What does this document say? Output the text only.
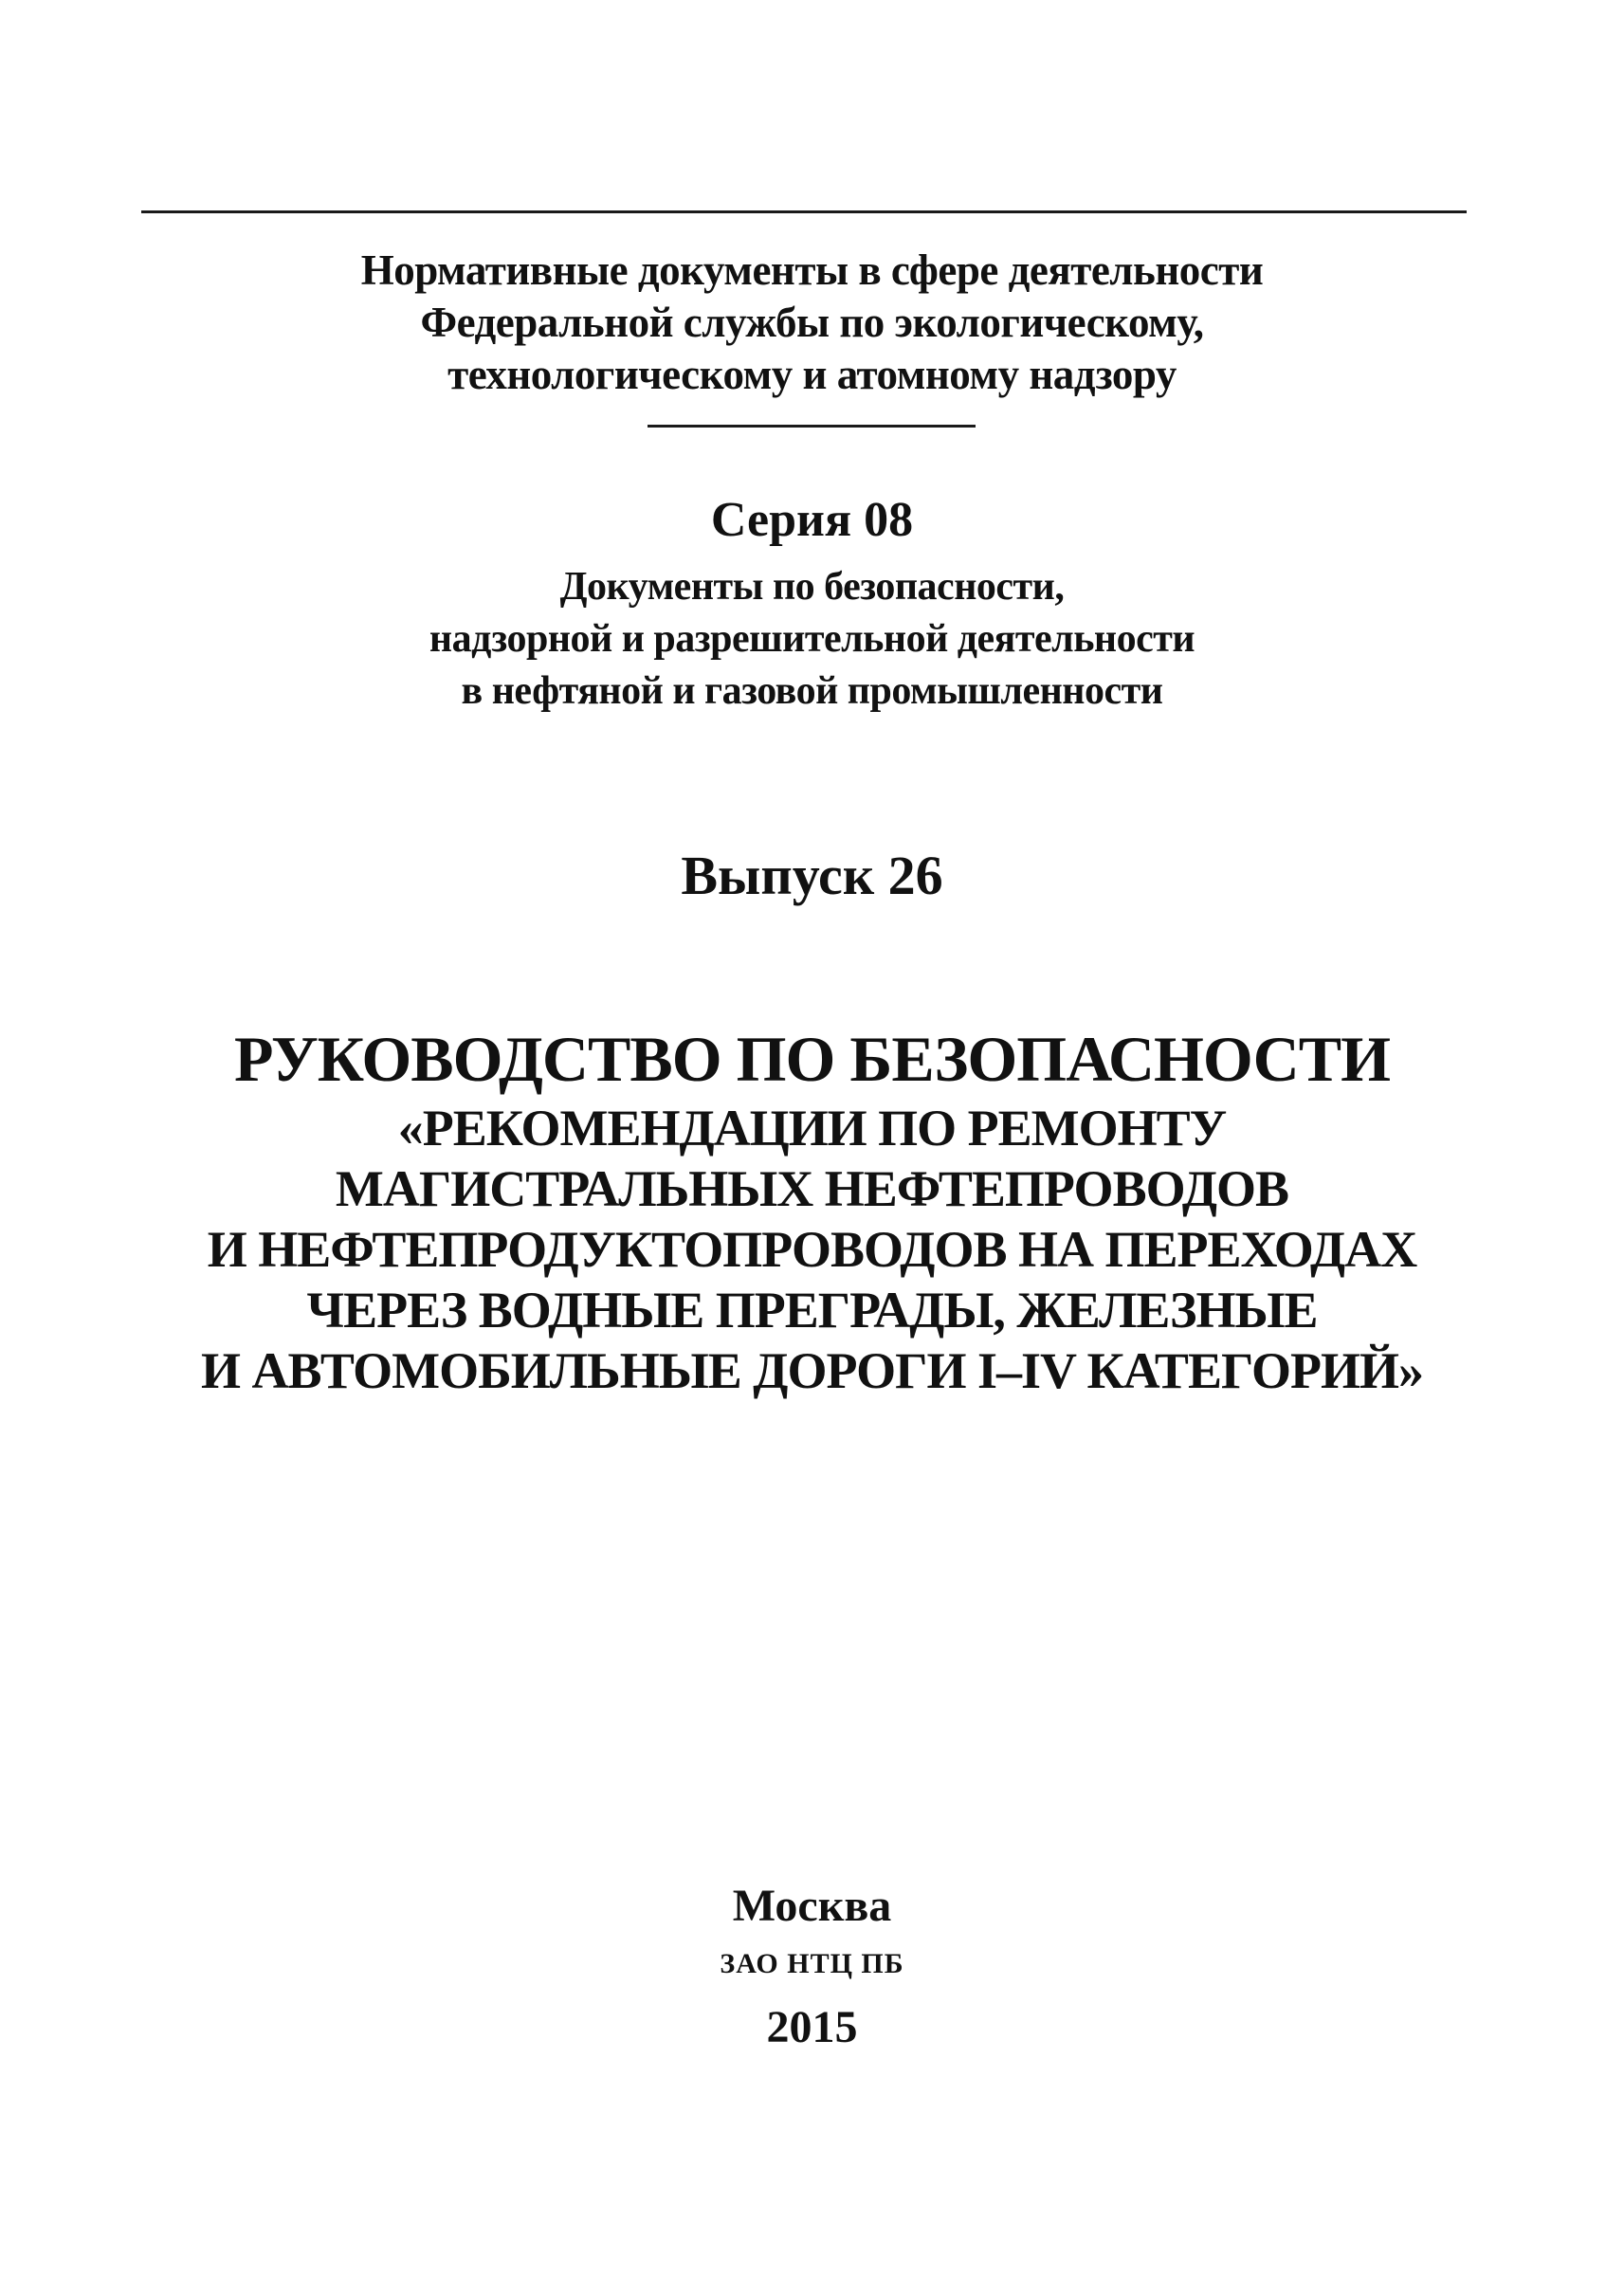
Нормативные документы в сфере деятельности
Федеральной службы по экологическому,
технологическому и атомному надзору
Серия 08
Документы по безопасности,
надзорной и разрешительной деятельности
в нефтяной и газовой промышленности
Выпуск 26
РУКОВОДСТВО ПО БЕЗОПАСНОСТИ
«РЕКОМЕНДАЦИИ ПО РЕМОНТУ
МАГИСТРАЛЬНЫХ НЕФТЕПРОВОДОВ
И НЕФТЕПРОДУКТОПРОВОДОВ НА ПЕРЕХОДАХ
ЧЕРЕЗ ВОДНЫЕ ПРЕГРАДЫ, ЖЕЛЕЗНЫЕ
И АВТОМОБИЛЬНЫЕ ДОРОГИ I–IV КАТЕГОРИЙ»
Москва
ЗАО НТЦ ПБ
2015
